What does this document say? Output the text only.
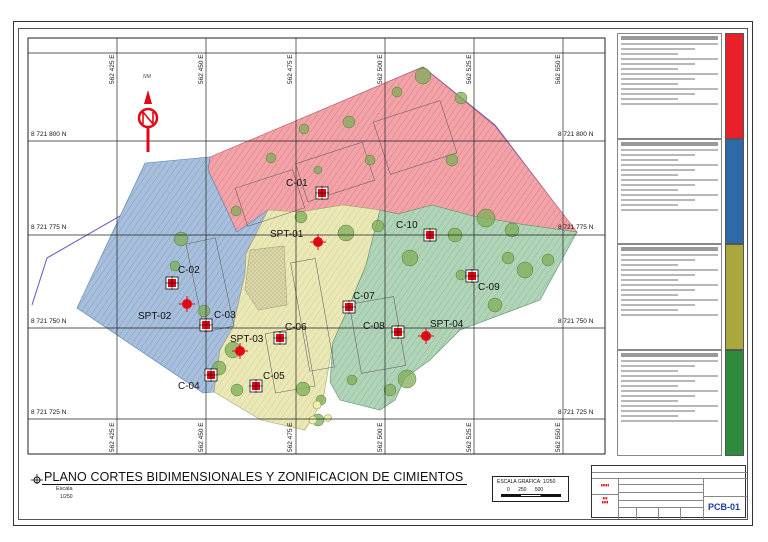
562 425 E	562 450 E	562 475 E	562 500 E	562 525 E	562 550 E
562 425 E	562 450 E	562 475 E	562 500 E	562 525 E	562 550 E
8 721 800 N
8 721 775 N
8 721 750 N
8 721 725 N
8 721 800 N
8 721 775 N
8 721 750 N
8 721 725 N
NM
C-01
C-02
C-03
C-04
C-05
C-06
C-07
C-08
C-09
C-10
SPT-01
SPT-02
SPT-03
SPT-04
PLANO CORTES BIDIMENSIONALES Y ZONIFICACION DE CIMIENTOS
Escala
1/250
ESCALA GRAFICA: 1/250
0 250 500
▮▮▮▮▮
▮▮▮
▮▮▮▮	PCB-01
